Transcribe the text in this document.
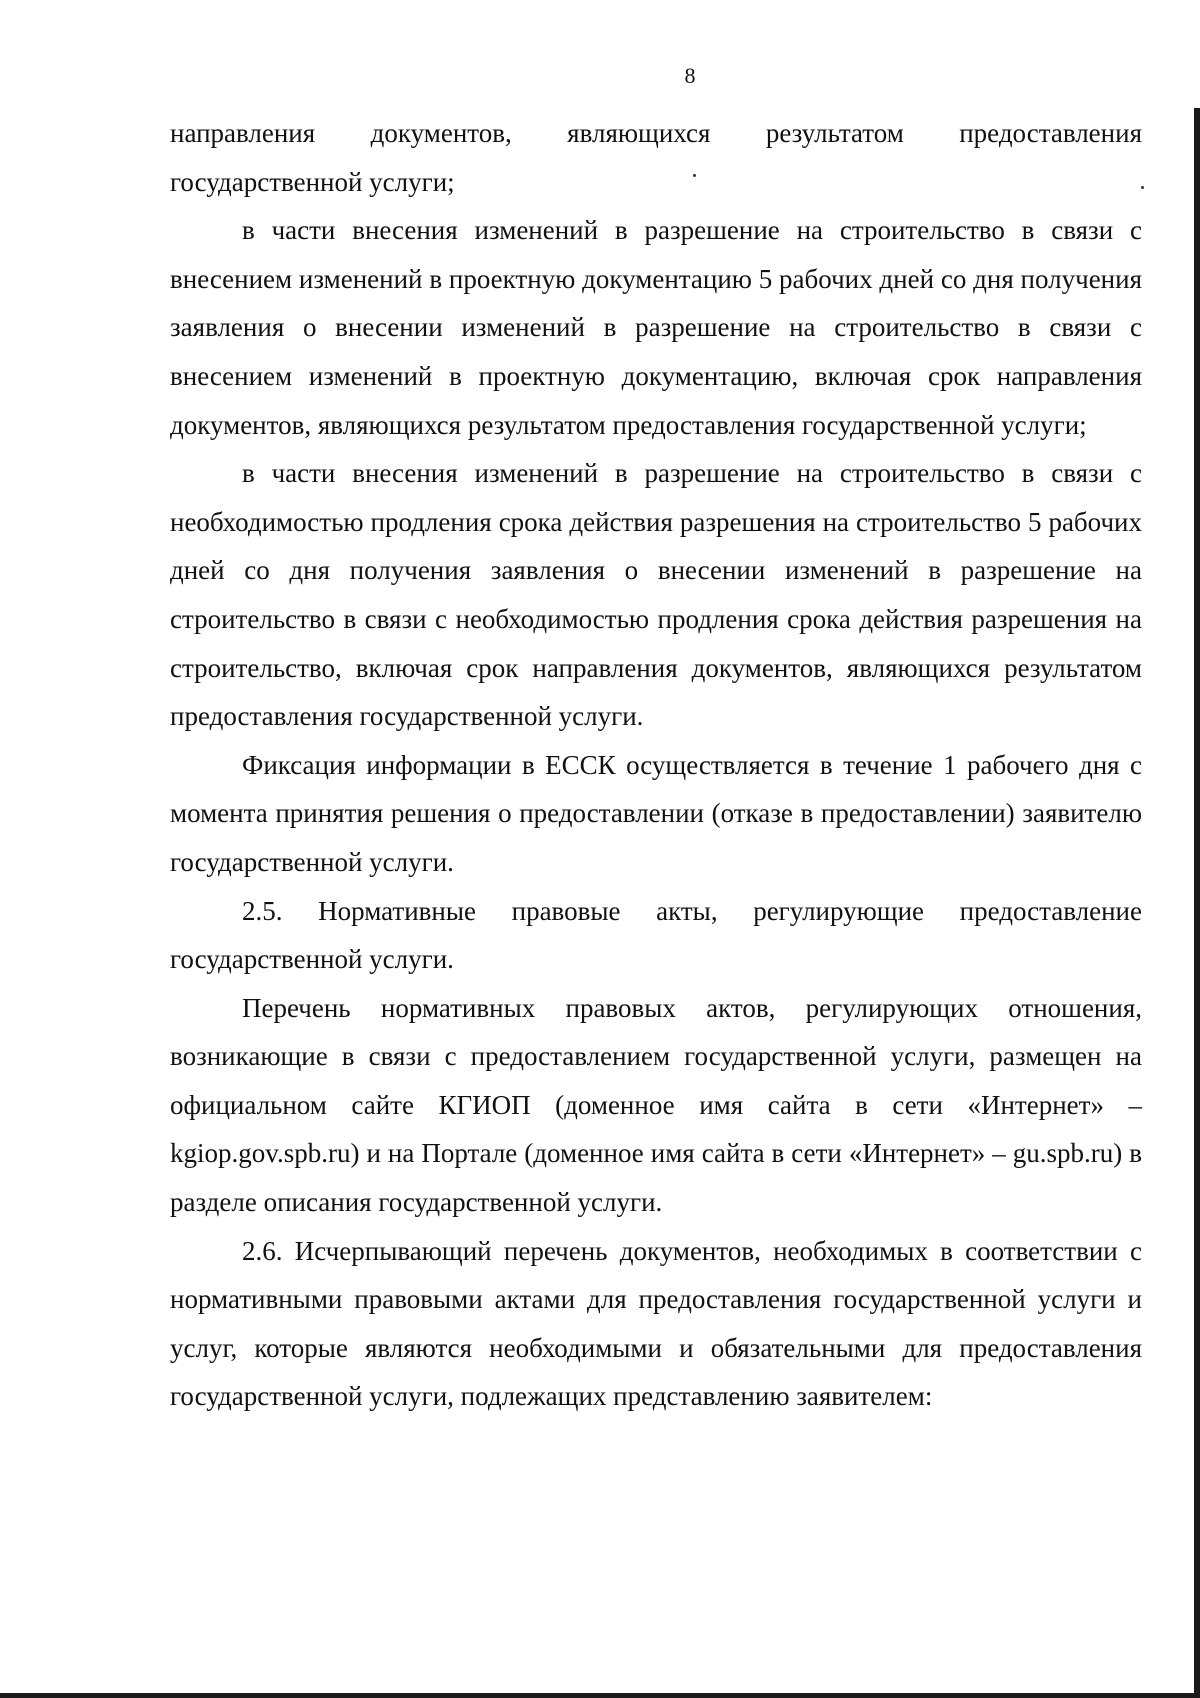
8

направления документов, являющихся результатом предоставления государственной услуги;

в части внесения изменений в разрешение на строительство в связи с внесением изменений в проектную документацию 5 рабочих дней со дня получения заявления о внесении изменений в разрешение на строительство в связи с внесением изменений в проектную документацию, включая срок направления документов, являющихся результатом предоставления государственной услуги;

в части внесения изменений в разрешение на строительство в связи с необходимостью продления срока действия разрешения на строительство 5 рабочих дней со дня получения заявления о внесении изменений в разрешение на строительство в связи с необходимостью продления срока действия разрешения на строительство, включая срок направления документов, являющихся результатом предоставления государственной услуги.

Фиксация информации в ЕССК осуществляется в течение 1 рабочего дня с момента принятия решения о предоставлении (отказе в предоставлении) заявителю государственной услуги.

2.5. Нормативные правовые акты, регулирующие предоставление государственной услуги.

Перечень нормативных правовых актов, регулирующих отношения, возникающие в связи с предоставлением государственной услуги, размещен на официальном сайте КГИОП (доменное имя сайта в сети «Интернет» – kgiop.gov.spb.ru) и на Портале (доменное имя сайта в сети «Интернет» – gu.spb.ru) в разделе описания государственной услуги.

2.6. Исчерпывающий перечень документов, необходимых в соответствии с нормативными правовыми актами для предоставления государственной услуги и услуг, которые являются необходимыми и обязательными для предоставления государственной услуги, подлежащих представлению заявителем:
